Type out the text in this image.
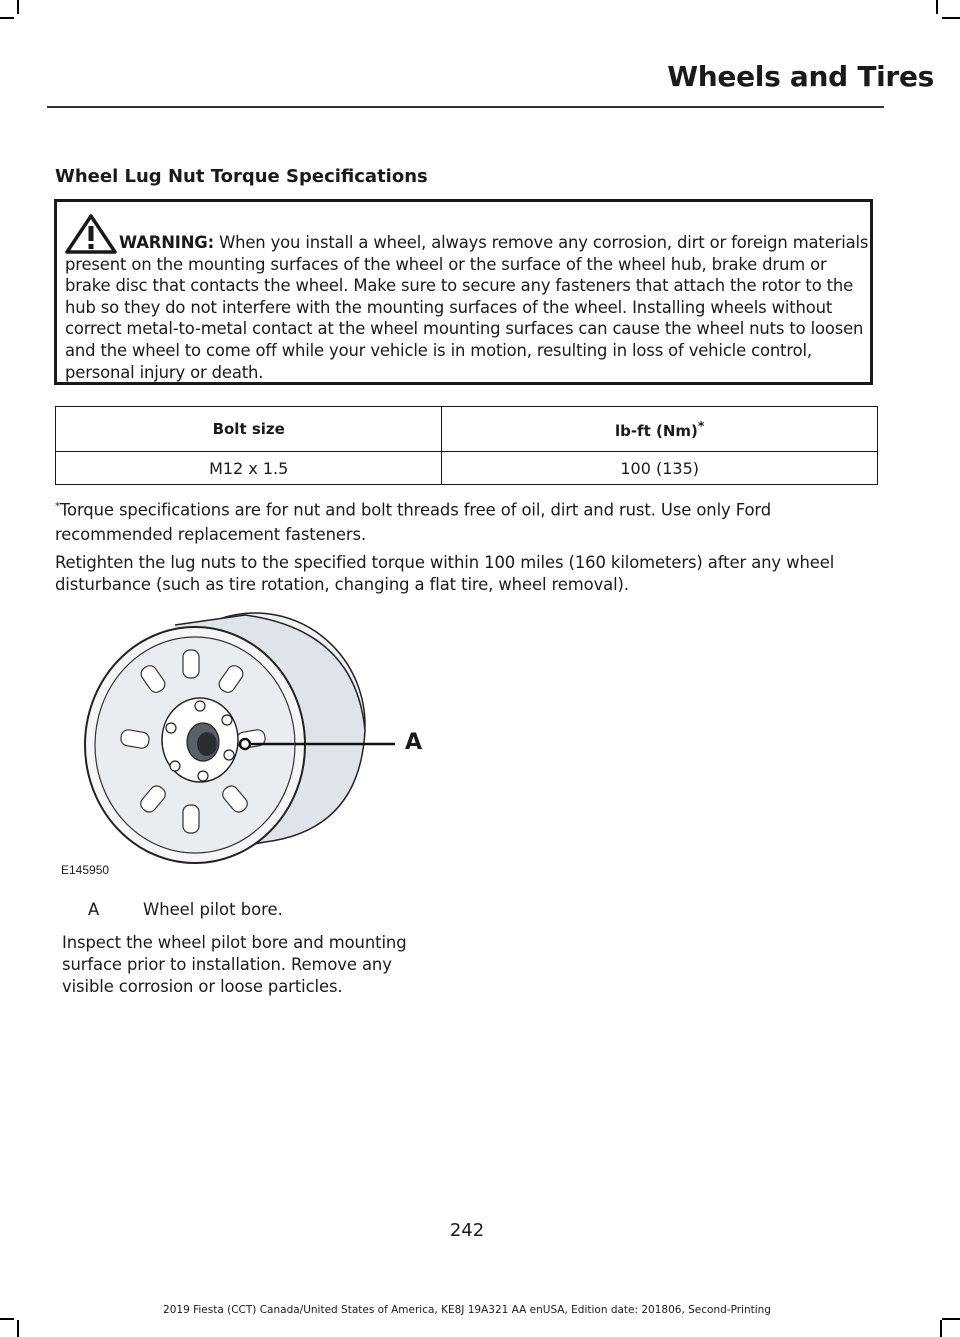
Wheels and Tires
Wheel Lug Nut Torque Specifications
WARNING: When you install a wheel, always remove any corrosion, dirt or foreign materials present on the mounting surfaces of the wheel or the surface of the wheel hub, brake drum or brake disc that contacts the wheel. Make sure to secure any fasteners that attach the rotor to the hub so they do not interfere with the mounting surfaces of the wheel. Installing wheels without correct metal-to-metal contact at the wheel mounting surfaces can cause the wheel nuts to loosen and the wheel to come off while your vehicle is in motion, resulting in loss of vehicle control, personal injury or death.
Bolt size	lb-ft (Nm)*
M12 x 1.5	100 (135)
*Torque specifications are for nut and bolt threads free of oil, dirt and rust. Use only Ford recommended replacement fasteners.
Retighten the lug nuts to the specified torque within 100 miles (160 kilometers) after any wheel disturbance (such as tire rotation, changing a flat tire, wheel removal).
A
E145950
A	Wheel pilot bore.
Inspect the wheel pilot bore and mounting surface prior to installation. Remove any visible corrosion or loose particles.
242
2019 Fiesta (CCT) Canada/United States of America, KE8J 19A321 AA enUSA, Edition date: 201806, Second-Printing
